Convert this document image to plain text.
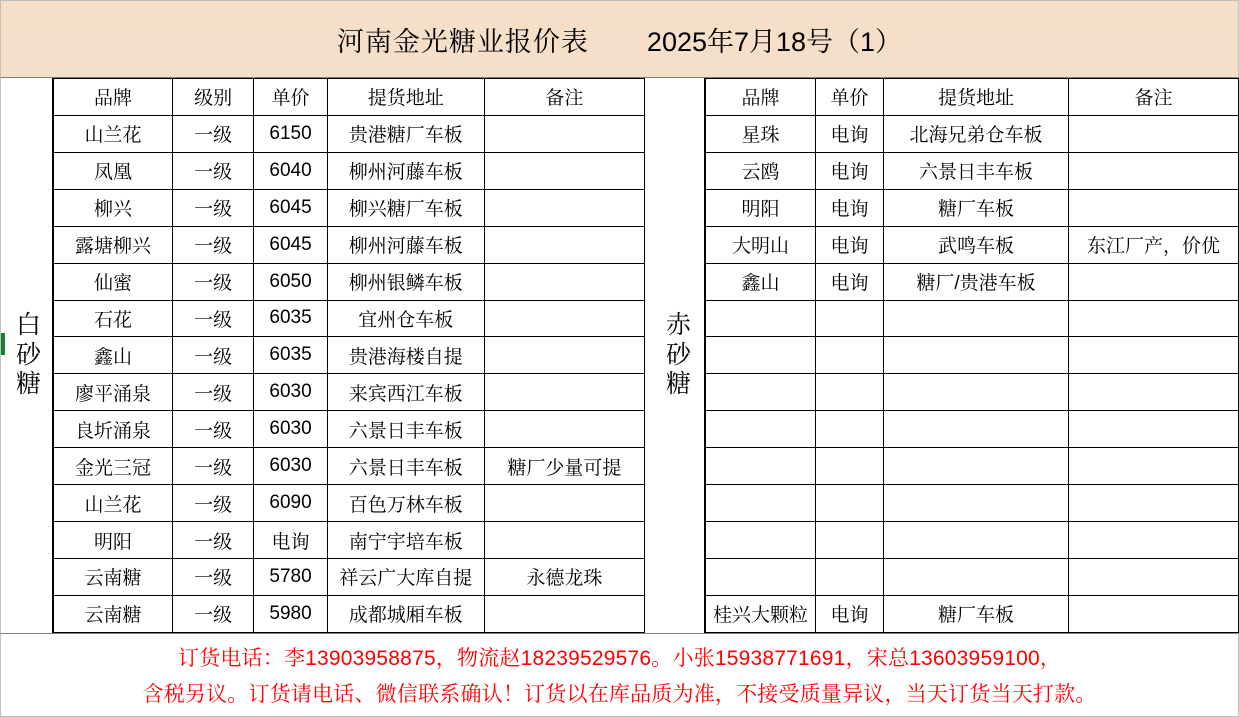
河南金光糖业报价表 2025年7月18号（1）
白砂糖
品牌	级别	单价	提货地址	备注
山兰花	一级	6150	贵港糖厂车板	
凤凰	一级	6040	柳州河藤车板	
柳兴	一级	6045	柳兴糖厂车板	
露塘柳兴	一级	6045	柳州河藤车板	
仙蜜	一级	6050	柳州银鳞车板	
石花	一级	6035	宜州仓车板	
鑫山	一级	6035	贵港海楼自提	
廖平涌泉	一级	6030	来宾西江车板	
良圻涌泉	一级	6030	六景日丰车板	
金光三冠	一级	6030	六景日丰车板	糖厂少量可提
山兰花	一级	6090	百色万林车板	
明阳	一级	电询	南宁宇培车板	
云南糖	一级	5780	祥云广大库自提	永德龙珠
云南糖	一级	5980	成都城厢车板	
赤砂糖
品牌	单价	提货地址	备注
星珠	电询	北海兄弟仓车板	
云鸥	电询	六景日丰车板	
明阳	电询	糖厂车板	
大明山	电询	武鸣车板	东江厂产，价优
鑫山	电询	糖厂/贵港车板	

桂兴大颗粒	电询	糖厂车板	
订货电话：李13903958875，物流赵18239529576。小张15938771691，宋总13603959100，
含税另议。订货请电话、微信联系确认！订货以在库品质为准，不接受质量异议，当天订货当天打款。
